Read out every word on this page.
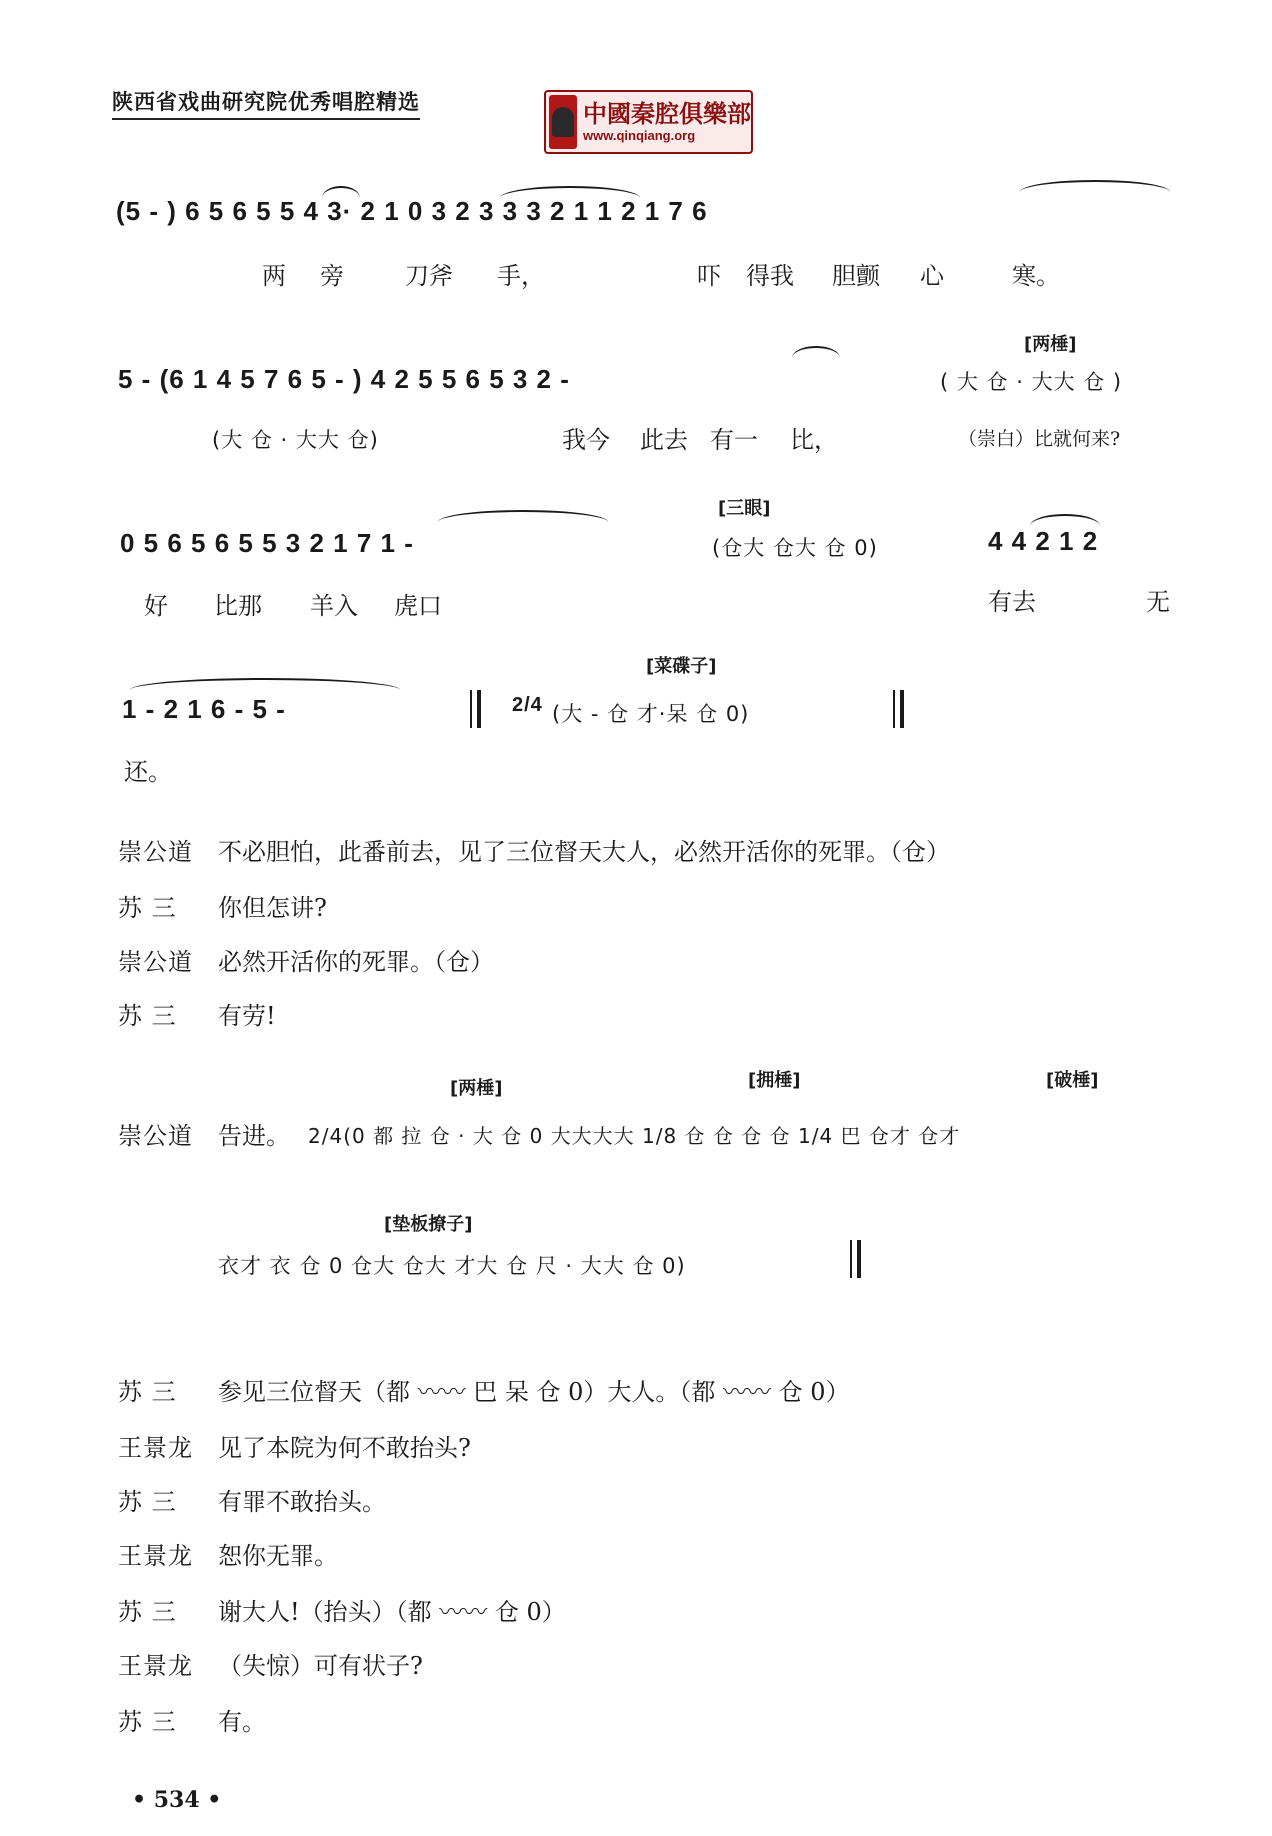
陕西省戏曲研究院优秀唱腔精选	中國秦腔俱樂部
www.qinqiang.org
(5 - ) 6 5 6 5 5 4 3· 2 1 0 3 2 3 3 3 2 1 1 2 1 7 6
两 旁	刀斧 手，	吓 得我 胆颤 心	寒。
[两棰]
5 - (6 1 4 5 7 6 5 - ) 4 2 5 5 6 5 3 2 -	( 大 仓 · 大大 仓 )
(大 仓 · 大大 仓)	我今 此去 有一 比，	（崇白）比就何来?
[三眼]
0 5 6 5 6 5 5 3 2 1 7 1 -	(仓大 仓大 仓 0)	4 4 2 1 2
好 比那 羊入 虎口	有去	无
[菜碟子]
1 - 2 1 6 - 5 -	2/4 (大 - 仓 才·呆 仓 0)
还。
崇公道 不必胆怕，此番前去，见了三位督天大人，必然开活你的死罪。（仓）
苏 三 你但怎讲?
崇公道 必然开活你的死罪。（仓）
苏 三 有劳!
[两棰]	[拥棰]	[破棰]
崇公道 告进。 2/4(0 都 拉 仓 · 大 仓 0 大大大大 1/8 仓 仓 仓 仓 1/4 巴 仓才 仓才
[垫板撩子]
衣才 衣 仓 0 仓大 仓大 才大 仓 尺 · 大大 仓 0)
苏 三 参见三位督天（都 〰〰 巴 呆 仓 0）大人。（都 〰〰 仓 0）
王景龙 见了本院为何不敢抬头?
苏 三 有罪不敢抬头。
王景龙 恕你无罪。
苏 三 谢大人!（抬头）（都 〰〰 仓 0）
王景龙 （失惊）可有状子?
苏 三 有。
• 534 •
